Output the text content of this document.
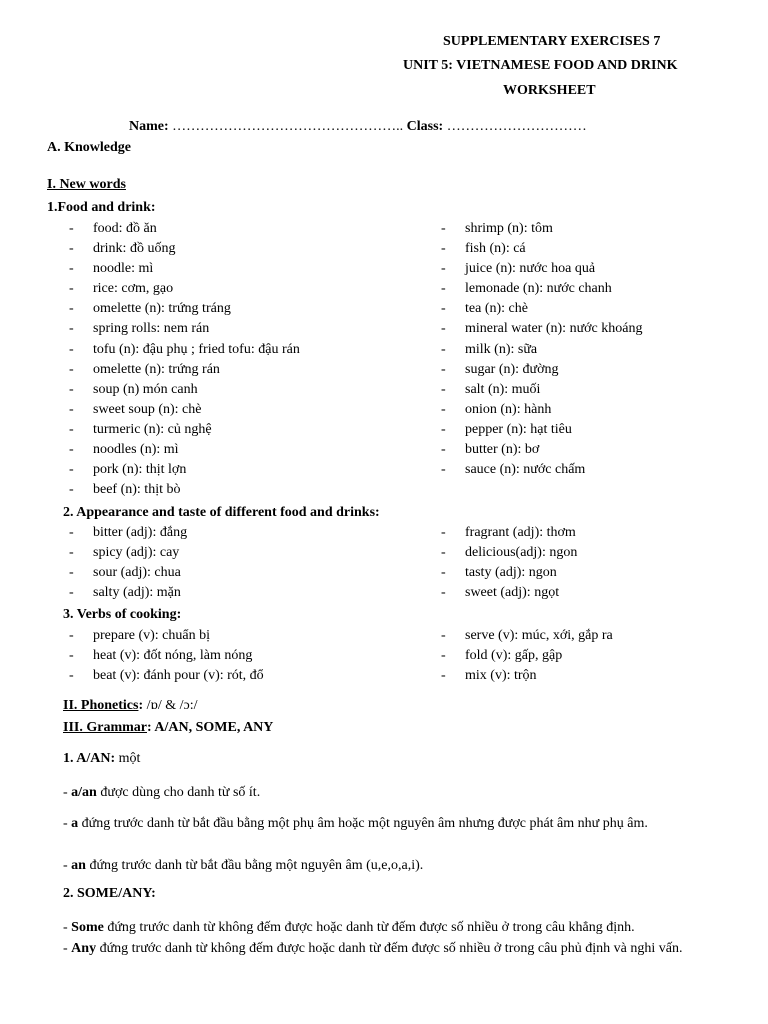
SUPPLEMENTARY EXERCISES 7
UNIT 5: VIETNAMESE FOOD AND DRINK
WORKSHEET
Name: ………………………………………….. Class: …………………………
A. Knowledge
I. New words
1.Food and drink:
- food: đồ ăn
- drink: đồ uống
- noodle: mì
- rice: cơm, gạo
- omelette (n): trứng tráng
- spring rolls: nem rán
- tofu (n): đậu phụ ; fried tofu: đậu rán
- omelette (n): trứng rán
- soup (n) món canh
- sweet soup (n): chè
- turmeric (n): củ nghệ
- noodles (n): mì
- pork (n): thịt lợn
- beef (n): thịt bò
- shrimp (n): tôm
- fish (n): cá
- juice (n): nước hoa quả
- lemonade (n): nước chanh
- tea (n): chè
- mineral water (n): nước khoáng
- milk (n): sữa
- sugar (n): đường
- salt (n): muối
- onion (n): hành
- pepper (n): hạt tiêu
- butter (n): bơ
- sauce (n): nước chấm
2. Appearance and taste of different food and drinks:
- bitter (adj): đắng
- spicy (adj): cay
- sour (adj): chua
- salty (adj): mặn
- fragrant (adj): thơm
- delicious(adj): ngon
- tasty (adj): ngon
- sweet (adj): ngọt
3. Verbs of cooking:
- prepare (v): chuẩn bị
- heat (v): đốt nóng, làm nóng
- beat (v): đánh pour (v): rót, đổ
- serve (v): múc, xới, gắp ra
- fold (v): gấp, gập
- mix (v): trộn
II. Phonetics: /ɒ/ & /ɔ:/
III. Grammar: A/AN, SOME, ANY
1. A/AN: một
- a/an được dùng cho danh từ số ít.
- a đứng trước danh từ bắt đầu bằng một phụ âm hoặc một nguyên âm nhưng được phát âm như phụ âm.
- an đứng trước danh từ bắt đầu bằng một nguyên âm (u,e,o,a,i).
2. SOME/ANY:
- Some đứng trước danh từ không đếm được hoặc danh từ đếm được số nhiều ở trong câu khẳng định.
- Any đứng trước danh từ không đếm được hoặc danh từ đếm được số nhiều ở trong câu phủ định và nghi vấn.
